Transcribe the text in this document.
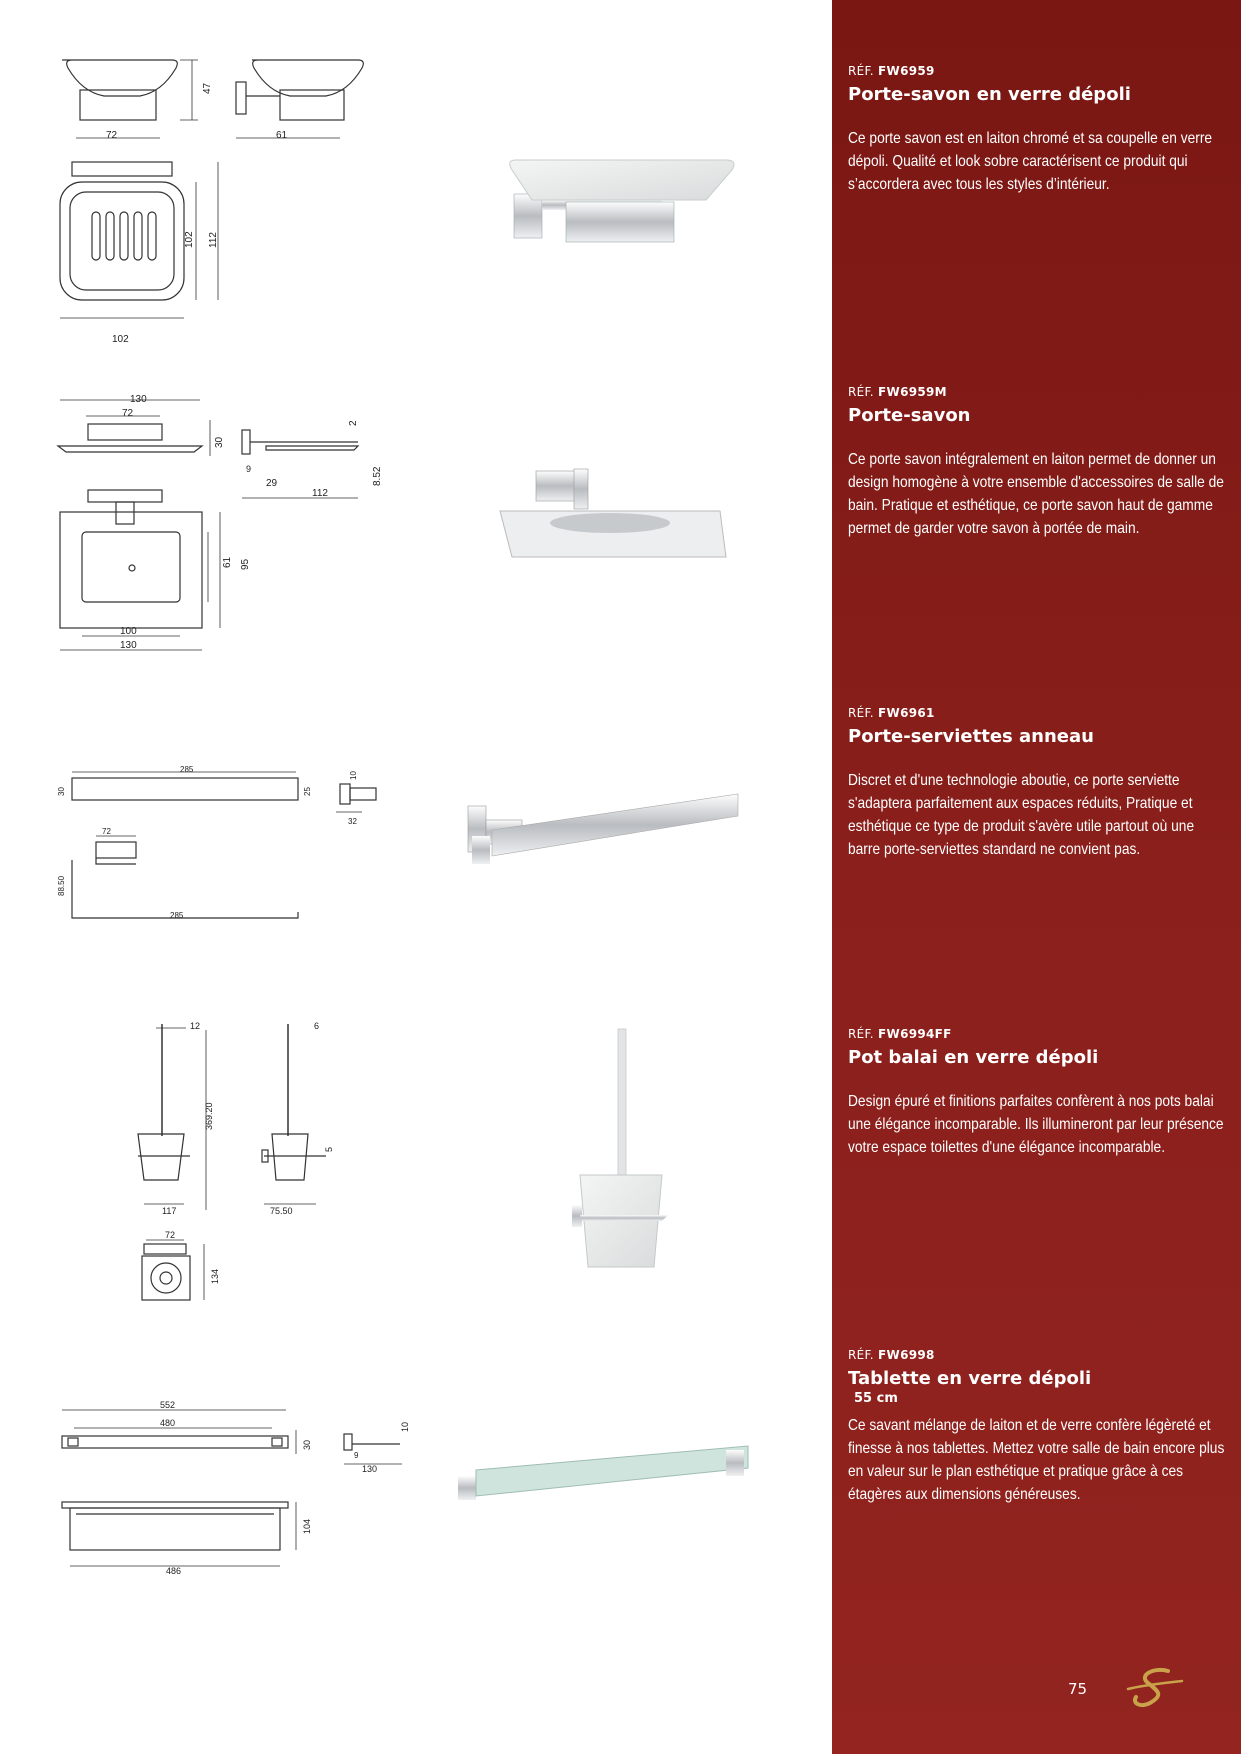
72
47
61
102 112
102
130
72
30
2
9
29
112
8.52
61 95
100
130
285
30	25
10
32
72
88.50
285
12
369.20
117
6
5
75.50
72
134
552
480
30
10
9
130
104
486

RÉF. FW6959

Porte-savon en verre dépoli

Ce porte savon est en laiton chromé et sa coupelle en verre dépoli. Qualité et look sobre caractérisent ce produit qui s’accordera avec tous les styles d’intérieur.

RÉF. FW6959M

Porte-savon

Ce porte savon intégralement en laiton permet de donner un design homogène à votre ensemble d'accessoires de salle de bain. Pratique et esthétique, ce porte savon haut de gamme permet de garder votre savon à portée de main.

RÉF. FW6961

Porte-serviettes anneau

Discret et d'une technologie aboutie, ce porte serviette s'adaptera parfaitement aux espaces réduits, Pratique et esthétique ce type de produit s'avère utile partout où une barre porte-serviettes standard ne convient pas.

RÉF. FW6994FF

Pot balai en verre dépoli

Design épuré et finitions parfaites confèrent à nos pots balai une élégance incomparable. Ils illumineront par leur présence votre espace toilettes d'une élégance incomparable.

RÉF. FW6998

Tablette en verre dépoli

55 cm

Ce savant mélange de laiton et de verre confère légèreté et finesse à nos tablettes. Mettez votre salle de bain encore plus en valeur sur le plan esthétique et pratique grâce à ces étagères aux dimensions généreuses.

75
